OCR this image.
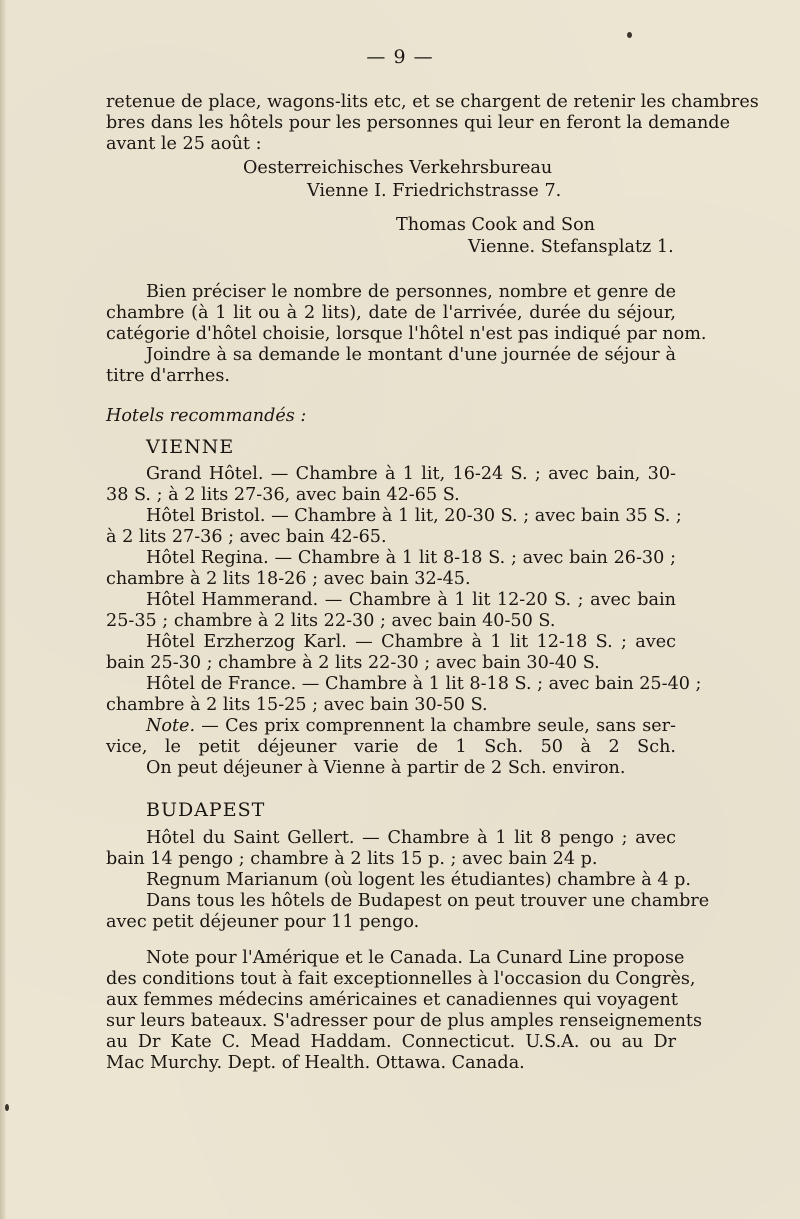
— 9 —
retenue de place, wagons-lits etc, et se chargent de retenir les chambres
bres dans les hôtels pour les personnes qui leur en feront la demande
avant le 25 août :
Oesterreichisches Verkehrsbureau
Vienne I. Friedrichstrasse 7.
Thomas Cook and Son
Vienne. Stefansplatz 1.
Bien préciser le nombre de personnes, nombre et genre de
chambre (à 1 lit ou à 2 lits), date de l'arrivée, durée du séjour,
catégorie d'hôtel choisie, lorsque l'hôtel n'est pas indiqué par nom.
Joindre à sa demande le montant d'une journée de séjour à
titre d'arrhes.
Hotels recommandés :
VIENNE
Grand Hôtel. — Chambre à 1 lit, 16-24 S. ; avec bain, 30-
38 S. ; à 2 lits 27-36, avec bain 42-65 S.
Hôtel Bristol. — Chambre à 1 lit, 20-30 S. ; avec bain 35 S. ;
à 2 lits 27-36 ; avec bain 42-65.
Hôtel Regina. — Chambre à 1 lit 8-18 S. ; avec bain 26-30 ;
chambre à 2 lits 18-26 ; avec bain 32-45.
Hôtel Hammerand. — Chambre à 1 lit 12-20 S. ; avec bain
25-35 ; chambre à 2 lits 22-30 ; avec bain 40-50 S.
Hôtel Erzherzog Karl. — Chambre à 1 lit 12-18 S. ; avec
bain 25-30 ; chambre à 2 lits 22-30 ; avec bain 30-40 S.
Hôtel de France. — Chambre à 1 lit 8-18 S. ; avec bain 25-40 ;
chambre à 2 lits 15-25 ; avec bain 30-50 S.
Note. — Ces prix comprennent la chambre seule, sans ser-
vice, le petit déjeuner varie de 1 Sch. 50 à 2 Sch.
On peut déjeuner à Vienne à partir de 2 Sch. environ.
BUDAPEST
Hôtel du Saint Gellert. — Chambre à 1 lit 8 pengo ; avec
bain 14 pengo ; chambre à 2 lits 15 p. ; avec bain 24 p.
Regnum Marianum (où logent les étudiantes) chambre à 4 p.
Dans tous les hôtels de Budapest on peut trouver une chambre
avec petit déjeuner pour 11 pengo.
Note pour l'Amérique et le Canada. La Cunard Line propose
des conditions tout à fait exceptionnelles à l'occasion du Congrès,
aux femmes médecins américaines et canadiennes qui voyagent
sur leurs bateaux. S'adresser pour de plus amples renseignements
au Dr Kate C. Mead Haddam. Connecticut. U.S.A. ou au Dr
Mac Murchy. Dept. of Health. Ottawa. Canada.
